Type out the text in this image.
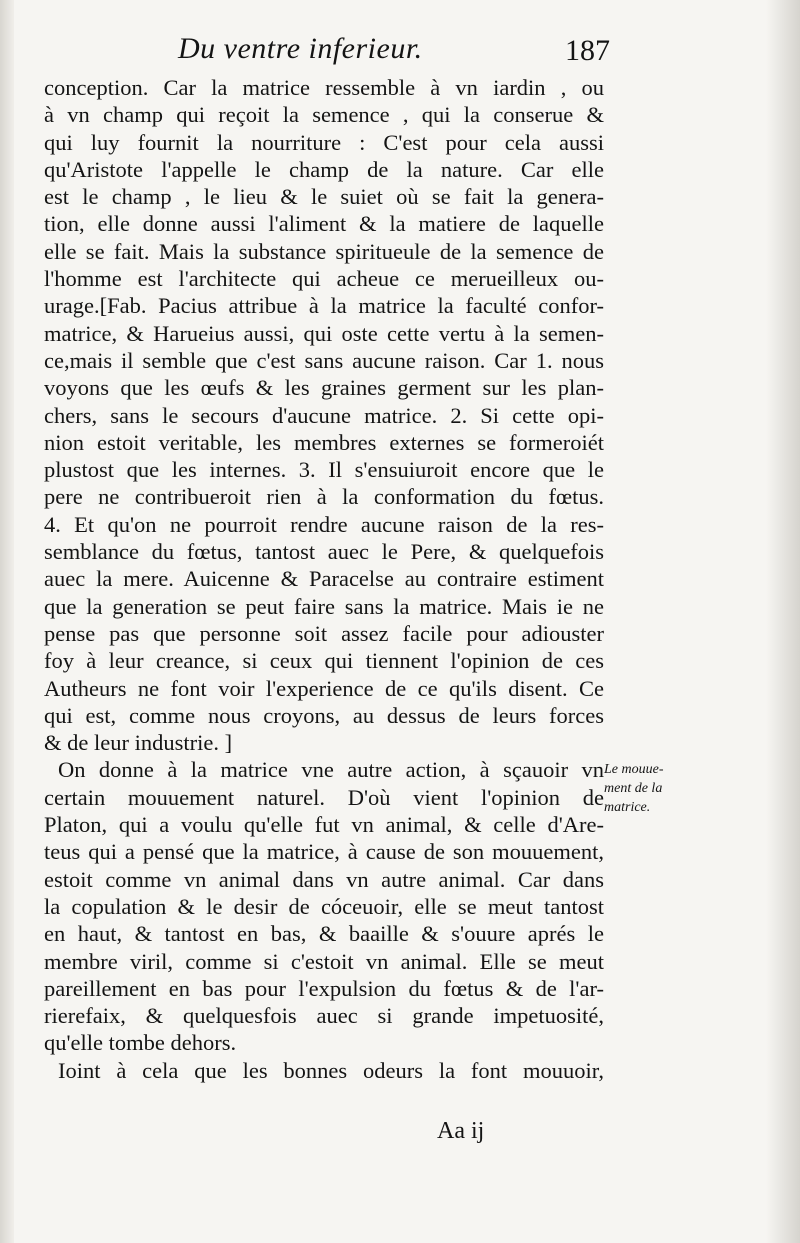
Du ventre inferieur.	187
conception. Car la matrice ressemble à vn iardin , ou
à vn champ qui reçoit la semence , qui la conserue &
qui luy fournit la nourriture : C'est pour cela aussi
qu'Aristote l'appelle le champ de la nature. Car elle
est le champ , le lieu & le suiet où se fait la genera-
tion, elle donne aussi l'aliment & la matiere de laquelle
elle se fait. Mais la substance spiritueule de la semence de
l'homme est l'architecte qui acheue ce merueilleux ou-
urage.[Fab. Pacius attribue à la matrice la faculté confor-
matrice, & Harueius aussi, qui oste cette vertu à la semen-
ce,mais il semble que c'est sans aucune raison. Car 1. nous
voyons que les œufs & les graines germent sur les plan-
chers, sans le secours d'aucune matrice. 2. Si cette opi-
nion estoit veritable, les membres externes se formeroiét
plustost que les internes. 3. Il s'ensuiuroit encore que le
pere ne contribueroit rien à la conformation du fœtus.
4. Et qu'on ne pourroit rendre aucune raison de la res-
semblance du fœtus, tantost auec le Pere, & quelquefois
auec la mere. Auicenne & Paracelse au contraire estiment
que la generation se peut faire sans la matrice. Mais ie ne
pense pas que personne soit assez facile pour adiouster
foy à leur creance, si ceux qui tiennent l'opinion de ces
Autheurs ne font voir l'experience de ce qu'ils disent. Ce
qui est, comme nous croyons, au dessus de leurs forces
& de leur industrie. ]
On donne à la matrice vne autre action, à sçauoir vn
certain mouuement naturel. D'où vient l'opinion de
Platon, qui a voulu qu'elle fut vn animal, & celle d'Are-
teus qui a pensé que la matrice, à cause de son mouuement,
estoit comme vn animal dans vn autre animal. Car dans
la copulation & le desir de cóceuoir, elle se meut tantost
en haut, & tantost en bas, & baaille & s'ouure aprés le
membre viril, comme si c'estoit vn animal. Elle se meut
pareillement en bas pour l'expulsion du fœtus & de l'ar-
rierefaix, & quelquesfois auec si grande impetuosité,
qu'elle tombe dehors.
Ioint à cela que les bonnes odeurs la font mouuoir,
Le mouue-
ment de la
matrice.
Aa ij
